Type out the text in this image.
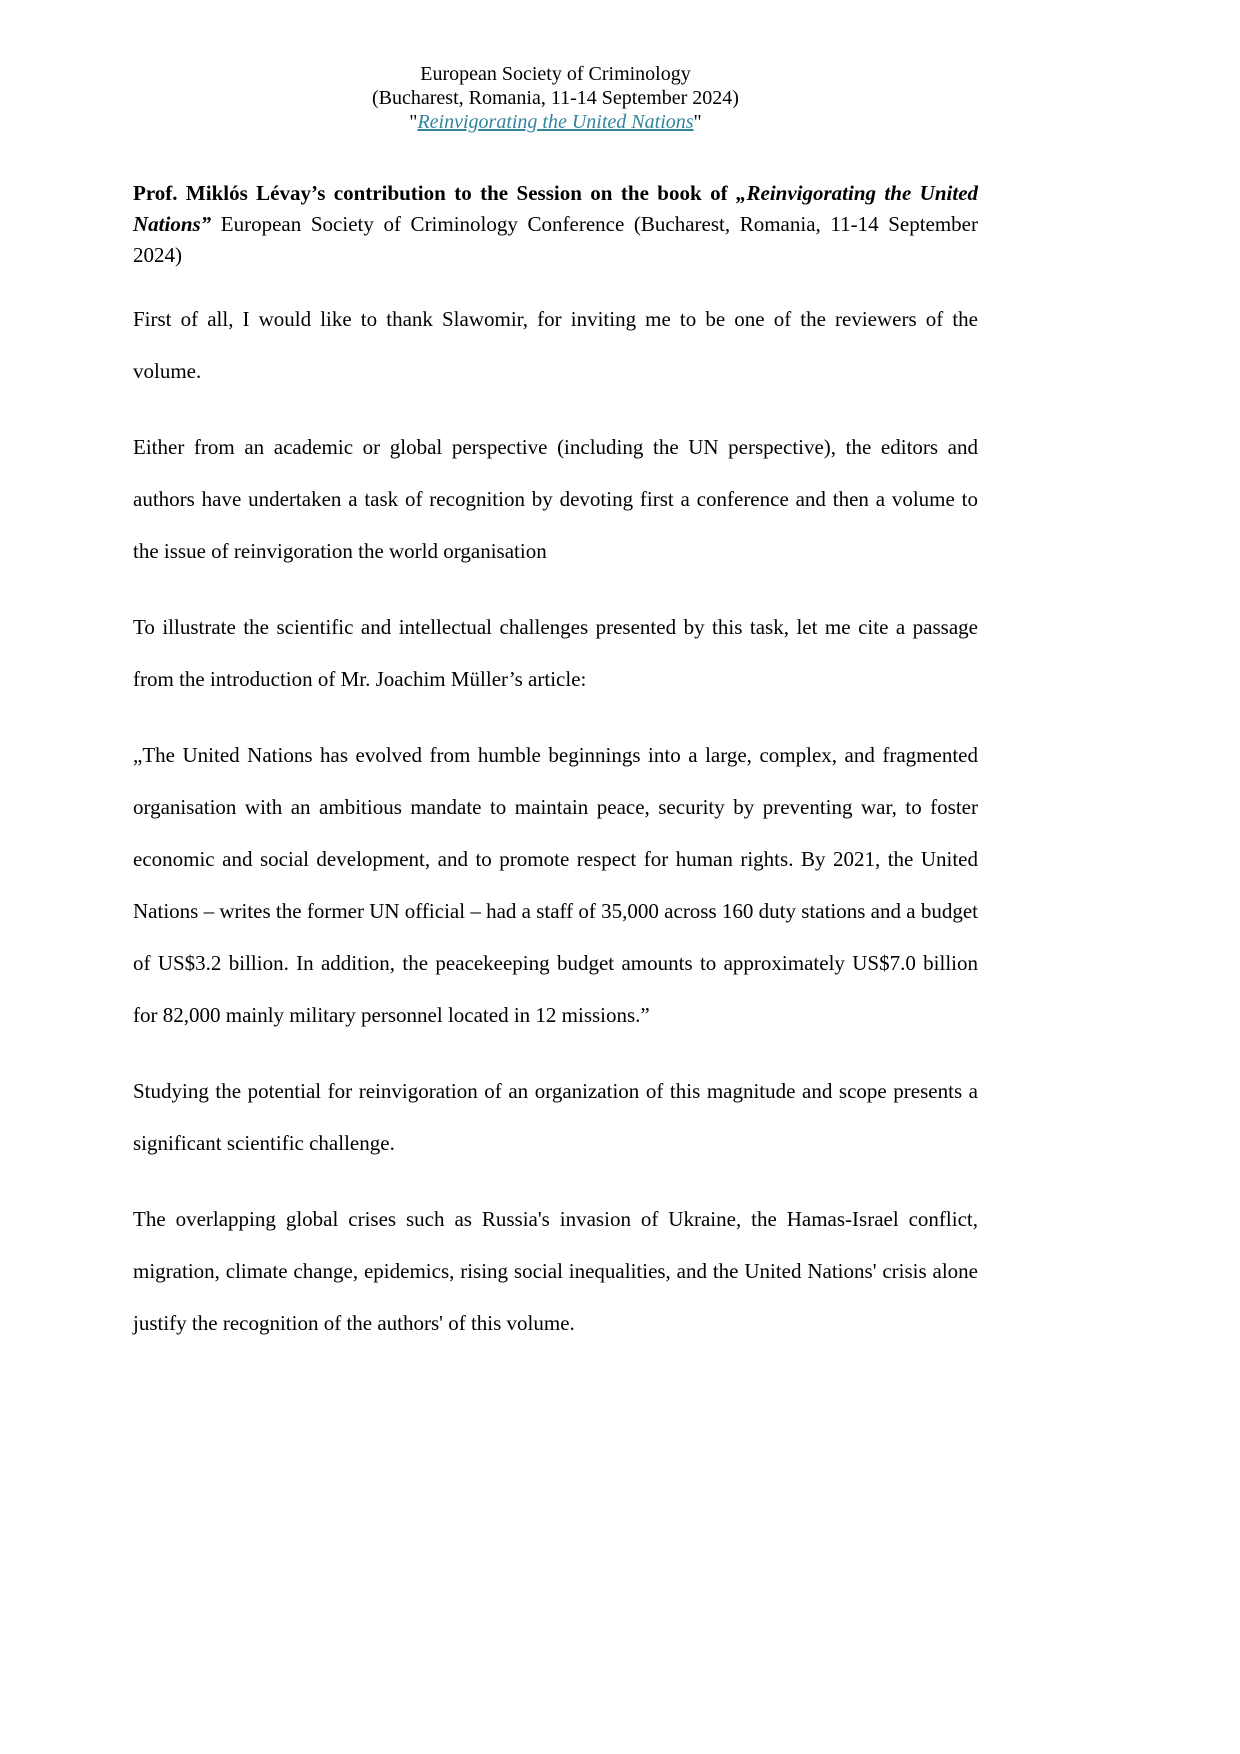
European Society of Criminology
(Bucharest, Romania, 11-14 September 2024)
"Reinvigorating the United Nations"

Prof. Miklós Lévay’s contribution to the Session on the book of „Reinvigorating the United Nations” European Society of Criminology Conference (Bucharest, Romania, 11-14 September 2024)

First of all, I would like to thank Slawomir, for inviting me to be one of the reviewers of the volume.

Either from an academic or global perspective (including the UN perspective), the editors and authors have undertaken a task of recognition by devoting first a conference and then a volume to the issue of reinvigoration the world organisation

To illustrate the scientific and intellectual challenges presented by this task, let me cite a passage from the introduction of Mr. Joachim Müller’s article:

„The United Nations has evolved from humble beginnings into a large, complex, and fragmented organisation with an ambitious mandate to maintain peace, security by preventing war, to foster economic and social development, and to promote respect for human rights. By 2021, the United Nations – writes the former UN official – had a staff of 35,000 across 160 duty stations and a budget of US$3.2 billion. In addition, the peacekeeping budget amounts to approximately US$7.0 billion for 82,000 mainly military personnel located in 12 missions.”

Studying the potential for reinvigoration of an organization of this magnitude and scope presents a significant scientific challenge.

The overlapping global crises such as Russia's invasion of Ukraine, the Hamas-Israel conflict, migration, climate change, epidemics, rising social inequalities, and the United Nations' crisis alone justify the recognition of the authors' of this volume.
